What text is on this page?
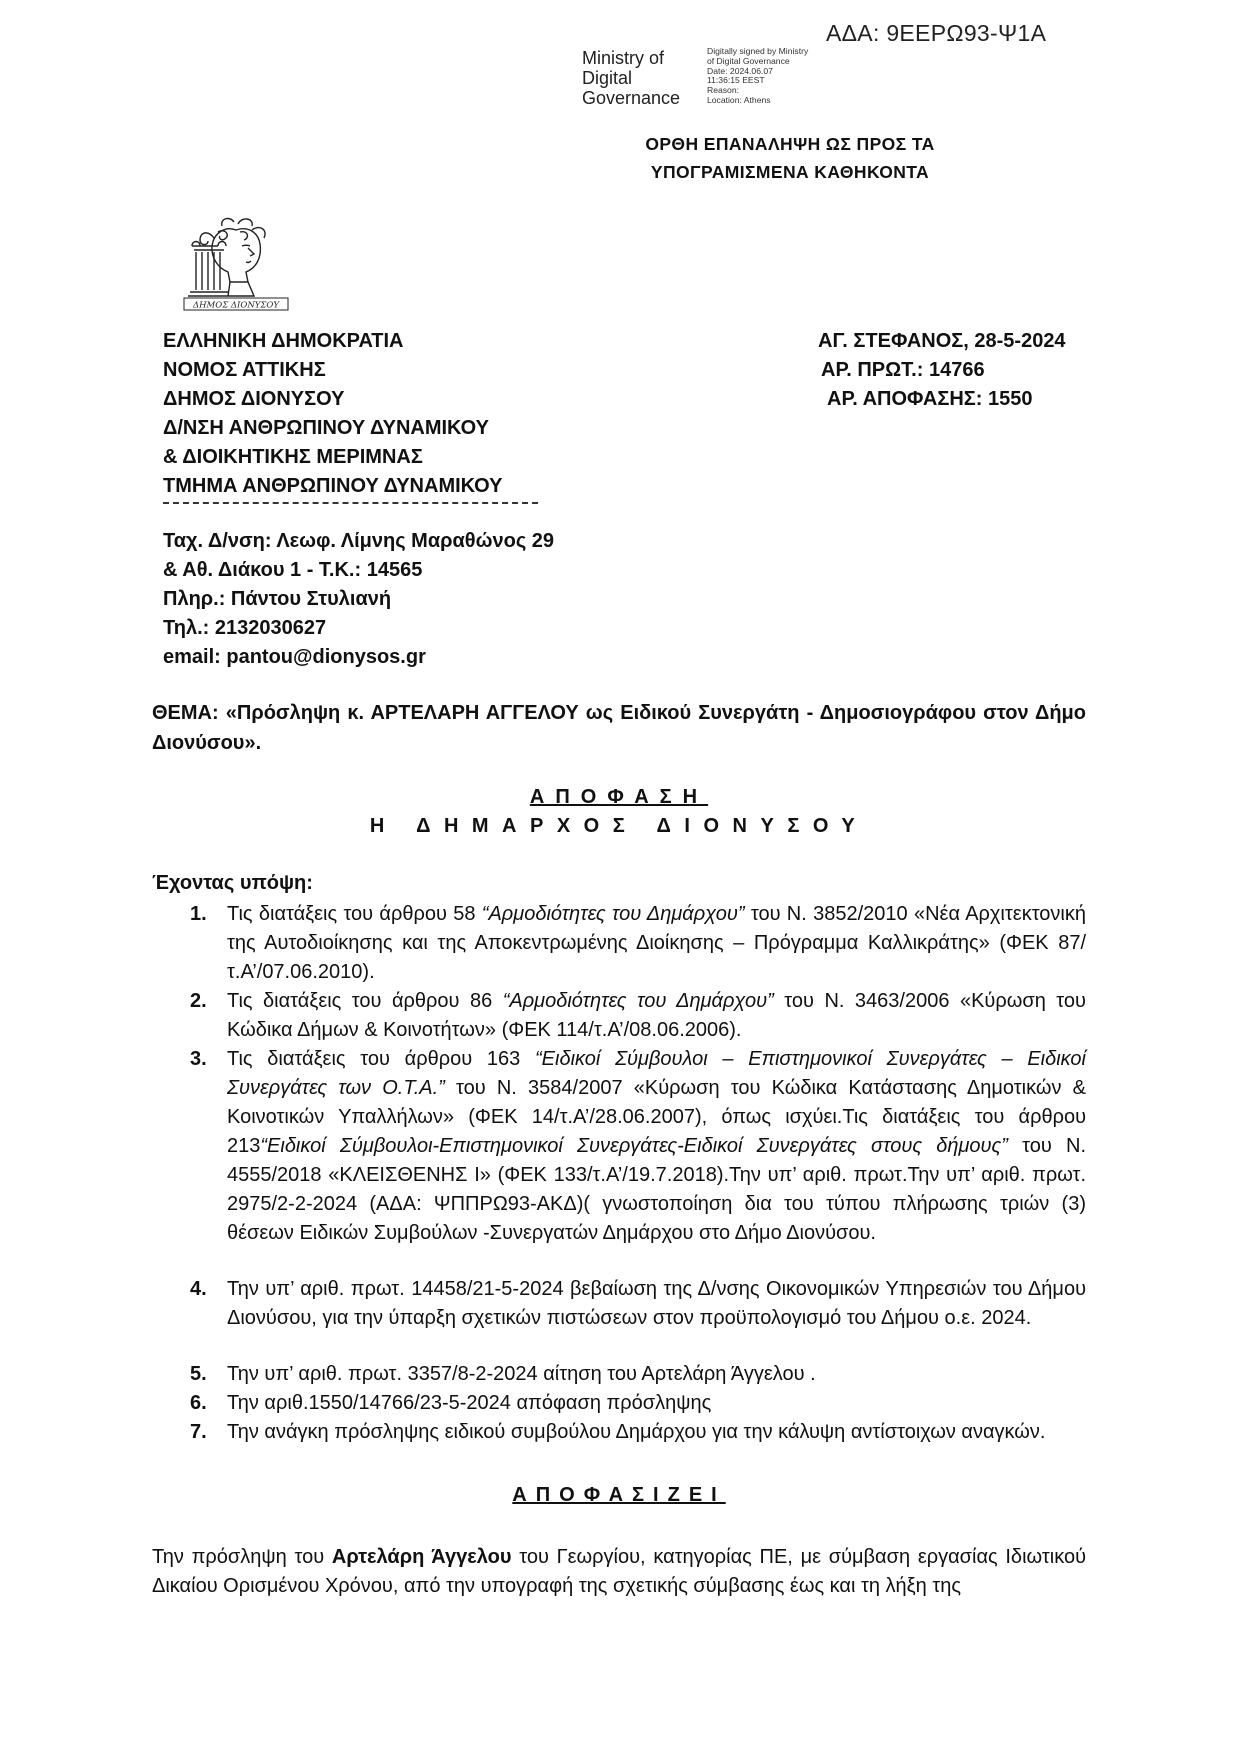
ΑΔΑ: 9ΕΕΡΩ93-Ψ1Α
Ministry of
Digital
Governance
Digitally signed by Ministry
of Digital Governance
Date: 2024.06.07
11:36:15 EEST
Reason:
Location: Athens
ΟΡΘΗ ΕΠΑΝΑΛΗΨΗ ΩΣ ΠΡΟΣ ΤΑ
ΥΠΟΓΡΑΜΙΣΜΕΝΑ ΚΑΘΗΚΟΝΤΑ
ΔΗΜΟΣ ΔΙΟΝΥΣΟΥ
ΕΛΛΗΝΙΚΗ ΔΗΜΟΚΡΑΤΙΑ
ΝΟΜΟΣ ΑΤΤΙΚΗΣ
ΔΗΜΟΣ ΔΙΟΝΥΣΟΥ
Δ/ΝΣΗ ΑΝΘΡΩΠΙΝΟΥ ΔΥΝΑΜΙΚΟΥ
& ΔΙΟΙΚΗΤΙΚΗΣ ΜΕΡΙΜΝΑΣ
ΤΜΗΜΑ ΑΝΘΡΩΠΙΝΟΥ ΔΥΝΑΜΙΚΟΥ
ΑΓ. ΣΤΕΦΑΝΟΣ, 28-5-2024
ΑΡ. ΠΡΩΤ.: 14766
ΑΡ. ΑΠΟΦΑΣΗΣ: 1550
Ταχ. Δ/νση: Λεωφ. Λίμνης Μαραθώνος 29
& Αθ. Διάκου 1 - Τ.Κ.: 14565
Πληρ.: Πάντου Στυλιανή
Τηλ.: 2132030627
email: pantou@dionysos.gr
ΘΕΜΑ: «Πρόσληψη κ. ΑΡΤΕΛΑΡΗ ΑΓΓΕΛΟΥ ως Ειδικού Συνεργάτη - Δημοσιογράφου στον Δήμο Διονύσου».
ΑΠΟΦΑΣΗ
Η ΔΗΜΑΡΧΟΣ ΔΙΟΝΥΣΟΥ
Έχοντας υπόψη:
1. Τις διατάξεις του άρθρου 58 “Αρμοδιότητες του Δημάρχου” του Ν. 3852/2010 «Νέα Αρχιτεκτονική της Αυτοδιοίκησης και της Αποκεντρωμένης Διοίκησης – Πρόγραμμα Καλλικράτης» (ΦΕΚ 87/τ.Α’/07.06.2010).
2. Τις διατάξεις του άρθρου 86 “Αρμοδιότητες του Δημάρχου” του Ν. 3463/2006 «Κύρωση του Κώδικα Δήμων & Κοινοτήτων» (ΦΕΚ 114/τ.Α’/08.06.2006).
3. Τις διατάξεις του άρθρου 163 “Ειδικοί Σύμβουλοι – Επιστημονικοί Συνεργάτες – Ειδικοί Συνεργάτες των Ο.Τ.Α.” του Ν. 3584/2007 «Κύρωση του Κώδικα Κατάστασης Δημοτικών & Κοινοτικών Υπαλλήλων» (ΦΕΚ 14/τ.Α’/28.06.2007), όπως ισχύει.Τις διατάξεις του άρθρου 213“Ειδικοί Σύμβουλοι-Επιστημονικοί Συνεργάτες-Ειδικοί Συνεργάτες στους δήμους” του Ν. 4555/2018 «ΚΛΕΙΣΘΕΝΗΣ Ι» (ΦΕΚ 133/τ.Α’/19.7.2018).Την υπ’ αριθ. πρωτ.Την υπ’ αριθ. πρωτ. 2975/2-2-2024 (ΑΔΑ: ΨΠΠΡΩ93-ΑΚΔ)( γνωστοποίηση δια του τύπου πλήρωσης τριών (3) θέσεων Ειδικών Συμβούλων -Συνεργατών Δημάρχου στο Δήμο Διονύσου.
4. Την υπ’ αριθ. πρωτ. 14458/21-5-2024 βεβαίωση της Δ/νσης Οικονομικών Υπηρεσιών του Δήμου Διονύσου, για την ύπαρξη σχετικών πιστώσεων στον προϋπολογισμό του Δήμου ο.ε. 2024.
5. Την υπ’ αριθ. πρωτ. 3357/8-2-2024 αίτηση του Αρτελάρη Άγγελου .
6. Την αριθ.1550/14766/23-5-2024 απόφαση πρόσληψης
7. Την ανάγκη πρόσληψης ειδικού συμβούλου Δημάρχου για την κάλυψη αντίστοιχων αναγκών.
ΑΠΟΦΑΣΙΖΕΙ
Την πρόσληψη του Αρτελάρη Άγγελου του Γεωργίου, κατηγορίας ΠΕ, με σύμβαση εργασίας Ιδιωτικού Δικαίου Ορισμένου Χρόνου, από την υπογραφή της σχετικής σύμβασης έως και τη λήξη της
